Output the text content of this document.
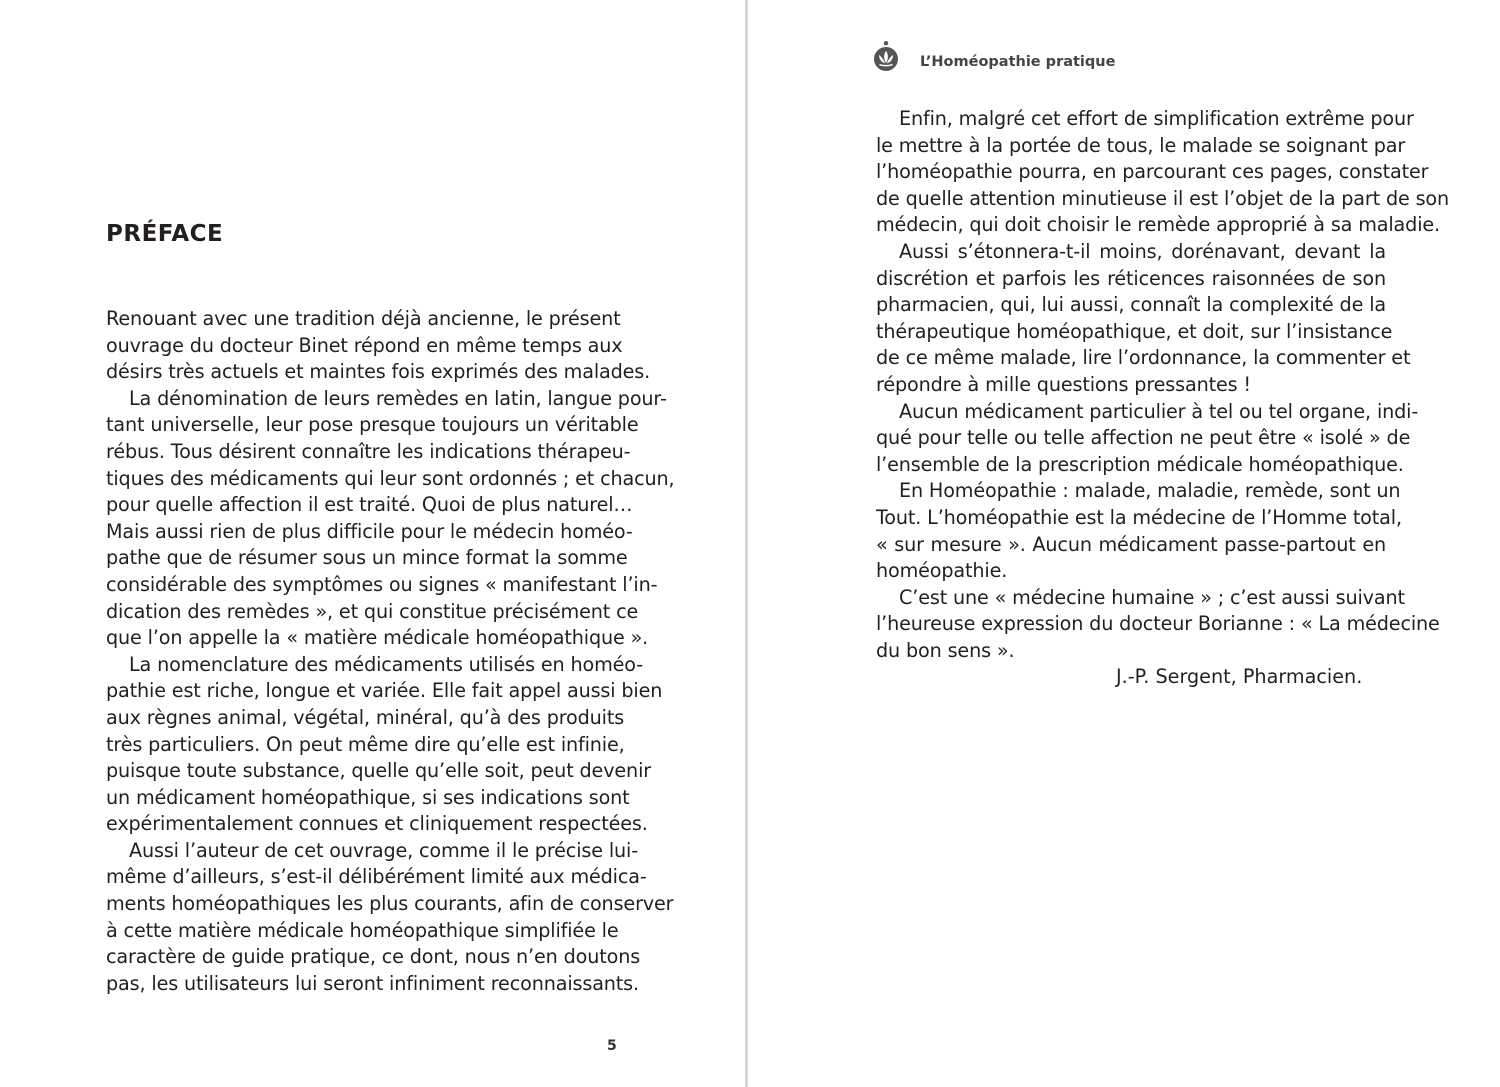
PRÉFACE
Renouant avec une tradition déjà ancienne, le présent
ouvrage du docteur Binet répond en même temps aux
désirs très actuels et maintes fois exprimés des malades.
La dénomination de leurs remèdes en latin, langue pour-
tant universelle, leur pose presque toujours un véritable
rébus. Tous désirent connaître les indications thérapeu-
tiques des médicaments qui leur sont ordonnés ; et chacun,
pour quelle affection il est traité. Quoi de plus naturel…
Mais aussi rien de plus difficile pour le médecin homéo-
pathe que de résumer sous un mince format la somme
considérable des symptômes ou signes « manifestant l’in-
dication des remèdes », et qui constitue précisément ce
que l’on appelle la « matière médicale homéopathique ».
La nomenclature des médicaments utilisés en homéo-
pathie est riche, longue et variée. Elle fait appel aussi bien
aux règnes animal, végétal, minéral, qu’à des produits
très particuliers. On peut même dire qu’elle est infinie,
puisque toute substance, quelle qu’elle soit, peut devenir
un médicament homéopathique, si ses indications sont
expérimentalement connues et cliniquement respectées.
Aussi l’auteur de cet ouvrage, comme il le précise lui-
même d’ailleurs, s’est-il délibérément limité aux médica-
ments homéopathiques les plus courants, afin de conserver
à cette matière médicale homéopathique simplifiée le
caractère de guide pratique, ce dont, nous n’en doutons
pas, les utilisateurs lui seront infiniment reconnaissants.
5
L’Homéopathie pratique
Enfin, malgré cet effort de simplification extrême pour
le mettre à la portée de tous, le malade se soignant par
l’homéopathie pourra, en parcourant ces pages, constater
de quelle attention minutieuse il est l’objet de la part de son
médecin, qui doit choisir le remède approprié à sa maladie.
Aussi s’étonnera-t-il moins, dorénavant, devant la
discrétion et parfois les réticences raisonnées de son
pharmacien, qui, lui aussi, connaît la complexité de la
thérapeutique homéopathique, et doit, sur l’insistance
de ce même malade, lire l’ordonnance, la commenter et
répondre à mille questions pressantes !
Aucun médicament particulier à tel ou tel organe, indi-
qué pour telle ou telle affection ne peut être « isolé » de
l’ensemble de la prescription médicale homéopathique.
En Homéopathie : malade, maladie, remède, sont un
Tout. L’homéopathie est la médecine de l’Homme total,
« sur mesure ». Aucun médicament passe-partout en
homéopathie.
C’est une « médecine humaine » ; c’est aussi suivant
l’heureuse expression du docteur Borianne : « La médecine
du bon sens ».
J.-P. Sergent, Pharmacien.
